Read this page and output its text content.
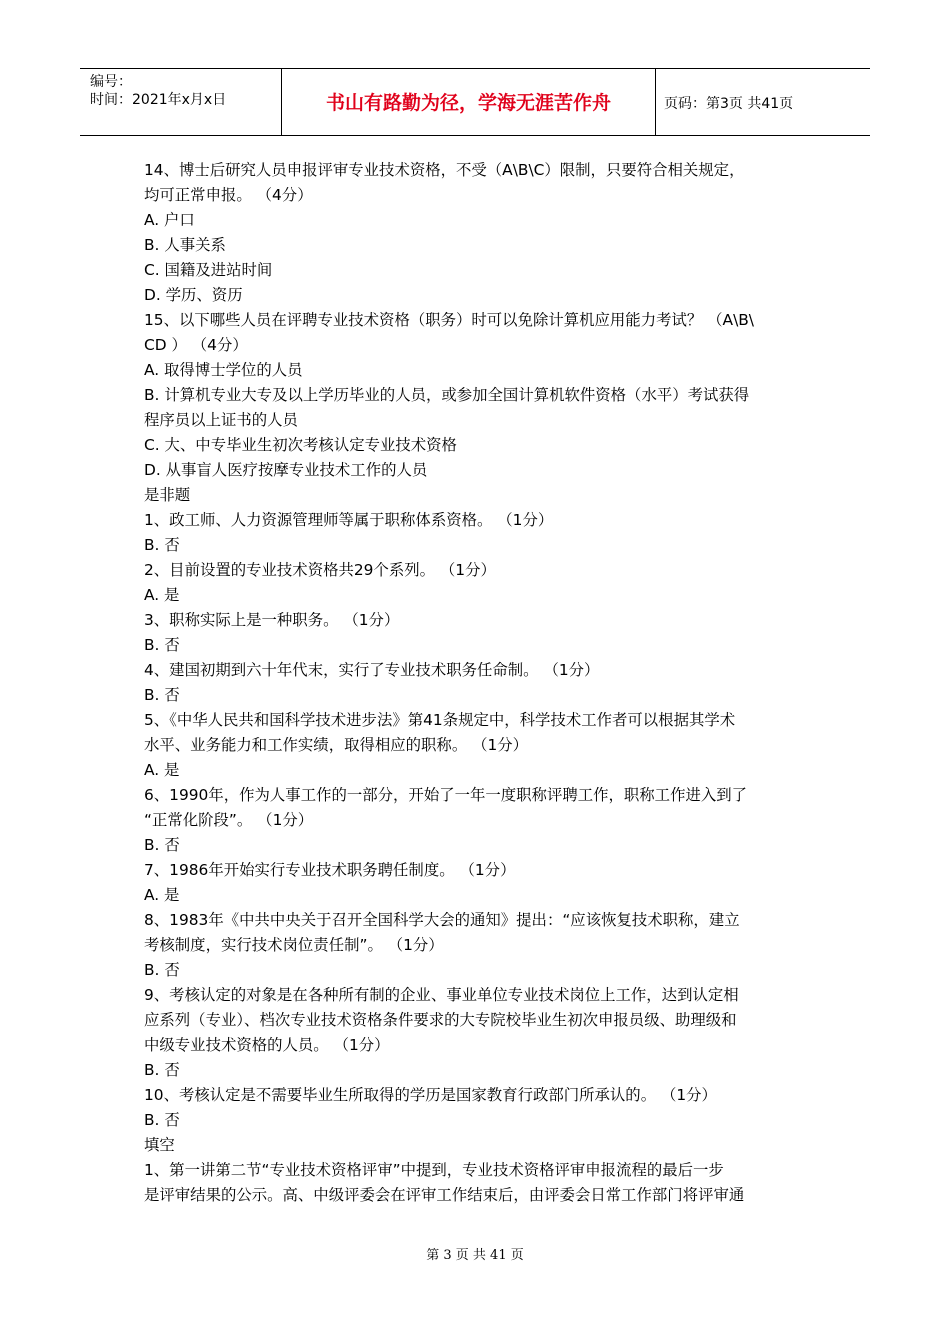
编号：
时间：2021年x月x日	书山有路勤为径，学海无涯苦作舟	页码：第3页 共41页
14、博士后研究人员申报评审专业技术资格，不受（A\B\C）限制，只要符合相关规定，
均可正常申报。 （4分）
A. 户口
B. 人事关系
C. 国籍及进站时间
D. 学历、资历
15、以下哪些人员在评聘专业技术资格（职务）时可以免除计算机应用能力考试？ （A\B\
CD ） （4分）
A. 取得博士学位的人员
B. 计算机专业大专及以上学历毕业的人员，或参加全国计算机软件资格（水平）考试获得
程序员以上证书的人员
C. 大、中专毕业生初次考核认定专业技术资格
D. 从事盲人医疗按摩专业技术工作的人员
是非题
1、政工师、人力资源管理师等属于职称体系资格。 （1分）
B. 否
2、目前设置的专业技术资格共29个系列。 （1分）
A. 是
3、职称实际上是一种职务。 （1分）
B. 否
4、建国初期到六十年代末，实行了专业技术职务任命制。 （1分）
B. 否
5、《中华人民共和国科学技术进步法》第41条规定中，科学技术工作者可以根据其学术
水平、业务能力和工作实绩，取得相应的职称。 （1分）
A. 是
6、1990年，作为人事工作的一部分，开始了一年一度职称评聘工作，职称工作进入到了
“正常化阶段”。 （1分）
B. 否
7、1986年开始实行专业技术职务聘任制度。 （1分）
A. 是
8、1983年《中共中央关于召开全国科学大会的通知》提出：“应该恢复技术职称，建立
考核制度，实行技术岗位责任制”。 （1分）
B. 否
9、考核认定的对象是在各种所有制的企业、事业单位专业技术岗位上工作，达到认定相
应系列（专业）、档次专业技术资格条件要求的大专院校毕业生初次申报员级、助理级和
中级专业技术资格的人员。 （1分）
B. 否
10、考核认定是不需要毕业生所取得的学历是国家教育行政部门所承认的。 （1分）
B. 否
填空
1、第一讲第二节“专业技术资格评审”中提到，专业技术资格评审申报流程的最后一步
是评审结果的公示。高、中级评委会在评审工作结束后，由评委会日常工作部门将评审通
第 3 页 共 41 页
